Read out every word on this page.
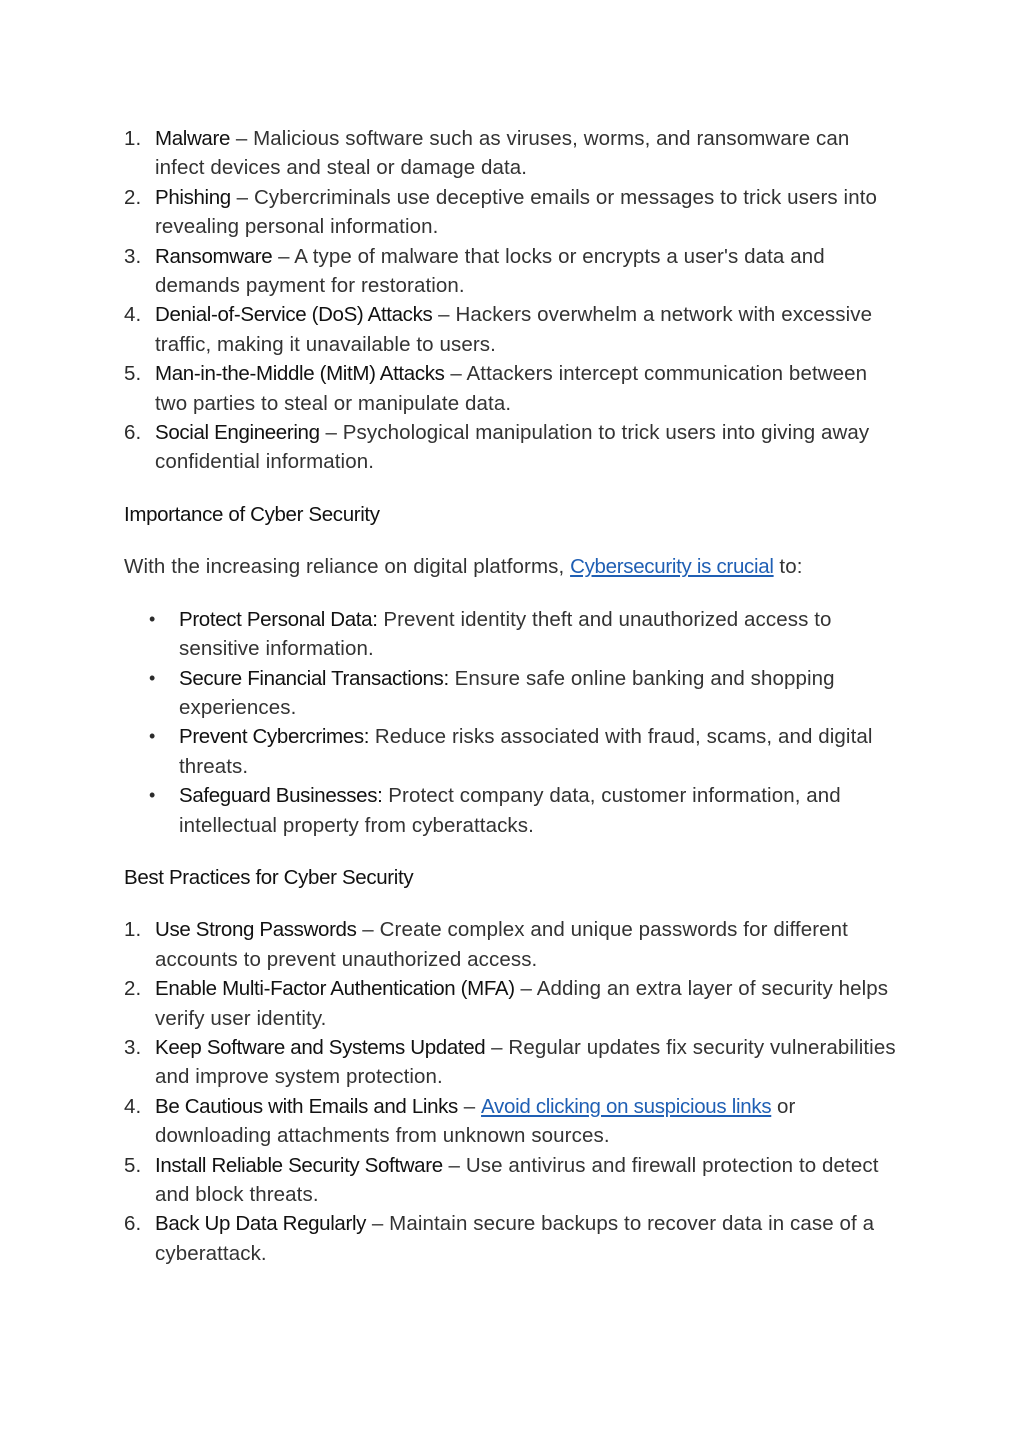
1. Malware – Malicious software such as viruses, worms, and ransomware can infect devices and steal or damage data.
2. Phishing – Cybercriminals use deceptive emails or messages to trick users into revealing personal information.
3. Ransomware – A type of malware that locks or encrypts a user's data and demands payment for restoration.
4. Denial-of-Service (DoS) Attacks – Hackers overwhelm a network with excessive traffic, making it unavailable to users.
5. Man-in-the-Middle (MitM) Attacks – Attackers intercept communication between two parties to steal or manipulate data.
6. Social Engineering – Psychological manipulation to trick users into giving away confidential information.
Importance of Cyber Security
With the increasing reliance on digital platforms, Cybersecurity is crucial to:
•	Protect Personal Data: Prevent identity theft and unauthorized access to sensitive information.
•	Secure Financial Transactions: Ensure safe online banking and shopping experiences.
•	Prevent Cybercrimes: Reduce risks associated with fraud, scams, and digital threats.
•	Safeguard Businesses: Protect company data, customer information, and intellectual property from cyberattacks.
Best Practices for Cyber Security
1. Use Strong Passwords – Create complex and unique passwords for different accounts to prevent unauthorized access.
2. Enable Multi-Factor Authentication (MFA) – Adding an extra layer of security helps verify user identity.
3. Keep Software and Systems Updated – Regular updates fix security vulnerabilities and improve system protection.
4. Be Cautious with Emails and Links – Avoid clicking on suspicious links or downloading attachments from unknown sources.
5. Install Reliable Security Software – Use antivirus and firewall protection to detect and block threats.
6. Back Up Data Regularly – Maintain secure backups to recover data in case of a cyberattack.
